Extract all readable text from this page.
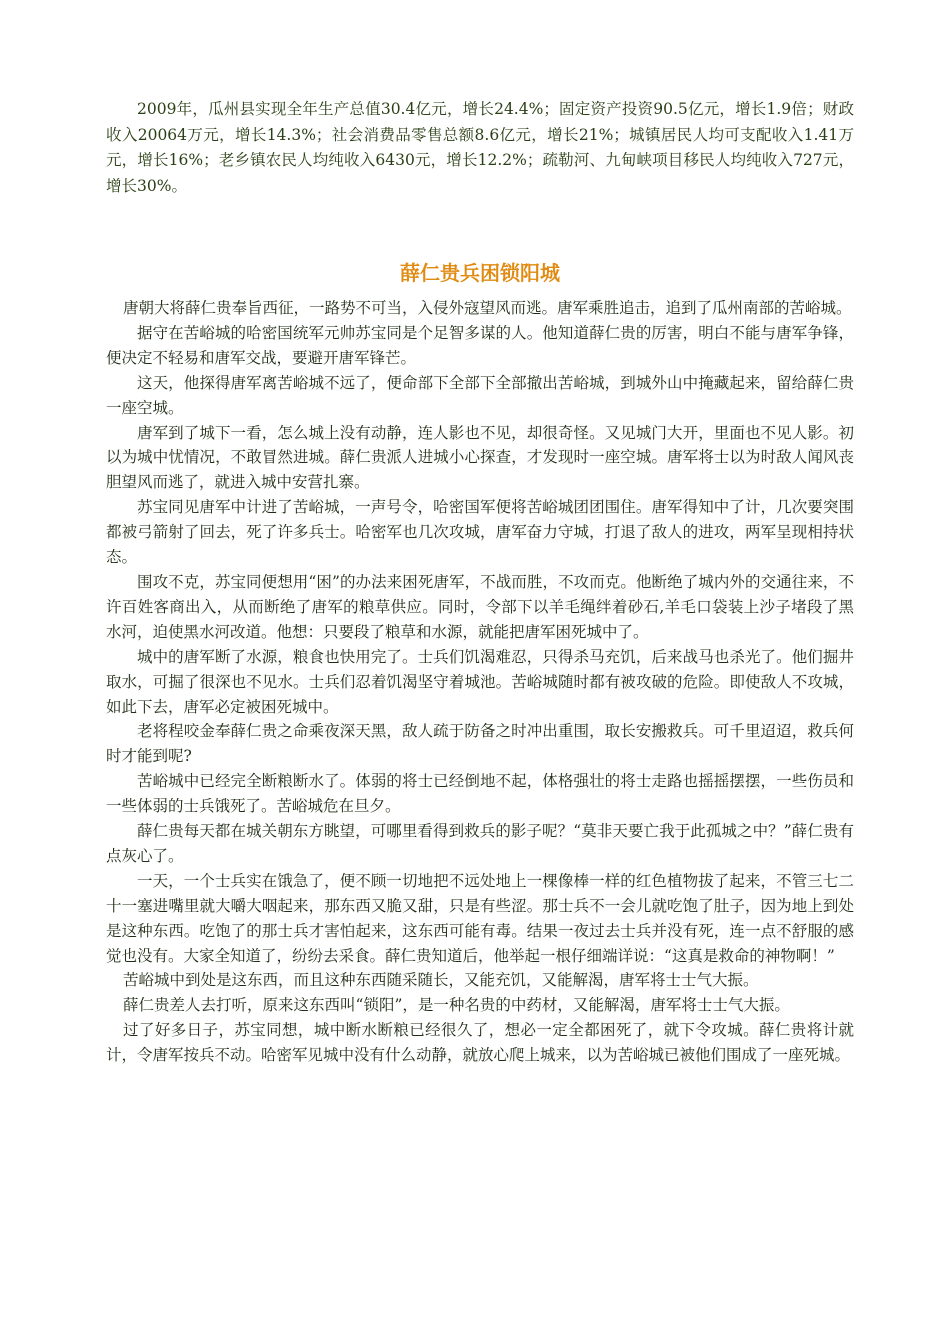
2009年，瓜州县实现全年生产总值30.4亿元，增长24.4%；固定资产投资90.5亿元，增长1.9倍；财政收入20064万元，增长14.3%；社会消费品零售总额8.6亿元，增长21%；城镇居民人均可支配收入1.41万元，增长16%；老乡镇农民人均纯收入6430元，增长12.2%；疏勒河、九甸峡项目移民人均纯收入727元，增长30%。

薛仁贵兵困锁阳城

唐朝大将薛仁贵奉旨西征，一路势不可当，入侵外寇望风而逃。唐军乘胜追击，追到了瓜州南部的苦峪城。

据守在苦峪城的哈密国统军元帅苏宝同是个足智多谋的人。他知道薛仁贵的厉害，明白不能与唐军争锋，便决定不轻易和唐军交战，要避开唐军锋芒。

这天，他探得唐军离苦峪城不远了，便命部下全部下全部撤出苦峪城，到城外山中掩藏起来，留给薛仁贵一座空城。

唐军到了城下一看，怎么城上没有动静，连人影也不见，却很奇怪。又见城门大开，里面也不见人影。初以为城中忧情况，不敢冒然进城。薛仁贵派人进城小心探查，才发现时一座空城。唐军将士以为时敌人闻风丧胆望风而逃了，就进入城中安营扎寨。

苏宝同见唐军中计进了苦峪城，一声号令，哈密国军便将苦峪城团团围住。唐军得知中了计，几次要突围都被弓箭射了回去，死了许多兵士。哈密军也几次攻城，唐军奋力守城，打退了敌人的进攻，两军呈现相持状态。

围攻不克，苏宝同便想用“困”的办法来困死唐军，不战而胜，不攻而克。他断绝了城内外的交通往来，不许百姓客商出入，从而断绝了唐军的粮草供应。同时，令部下以羊毛绳绊着砂石,羊毛口袋装上沙子堵段了黑水河，迫使黑水河改道。他想：只要段了粮草和水源，就能把唐军困死城中了。

城中的唐军断了水源，粮食也快用完了。士兵们饥渴难忍，只得杀马充饥，后来战马也杀光了。他们掘井取水，可掘了很深也不见水。士兵们忍着饥渴坚守着城池。苦峪城随时都有被攻破的危险。即使敌人不攻城，如此下去，唐军必定被困死城中。

老将程咬金奉薛仁贵之命乘夜深天黑，敌人疏于防备之时冲出重围，取长安搬救兵。可千里迢迢，救兵何时才能到呢?

苦峪城中已经完全断粮断水了。体弱的将士已经倒地不起，体格强壮的将士走路也摇摇摆摆，一些伤员和一些体弱的士兵饿死了。苦峪城危在旦夕。

薛仁贵每天都在城关朝东方眺望，可哪里看得到救兵的影子呢？“莫非天要亡我于此孤城之中？”薛仁贵有点灰心了。

一天，一个士兵实在饿急了，便不顾一切地把不远处地上一棵像棒一样的红色植物拔了起来，不管三七二十一塞进嘴里就大嚼大咽起来，那东西又脆又甜，只是有些涩。那士兵不一会儿就吃饱了肚子，因为地上到处是这种东西。吃饱了的那士兵才害怕起来，这东西可能有毒。结果一夜过去士兵并没有死，连一点不舒服的感觉也没有。大家全知道了，纷纷去采食。薛仁贵知道后，他举起一根仔细端详说：“这真是救命的神物啊！”

苦峪城中到处是这东西，而且这种东西随采随长，又能充饥，又能解渴，唐军将士士气大振。

薛仁贵差人去打听，原来这东西叫“锁阳”，是一种名贵的中药材，又能解渴，唐军将士士气大振。

过了好多日子，苏宝同想，城中断水断粮已经很久了，想必一定全都困死了，就下令攻城。薛仁贵将计就计，令唐军按兵不动。哈密军见城中没有什么动静，就放心爬上城来，以为苦峪城已被他们围成了一座死城。
